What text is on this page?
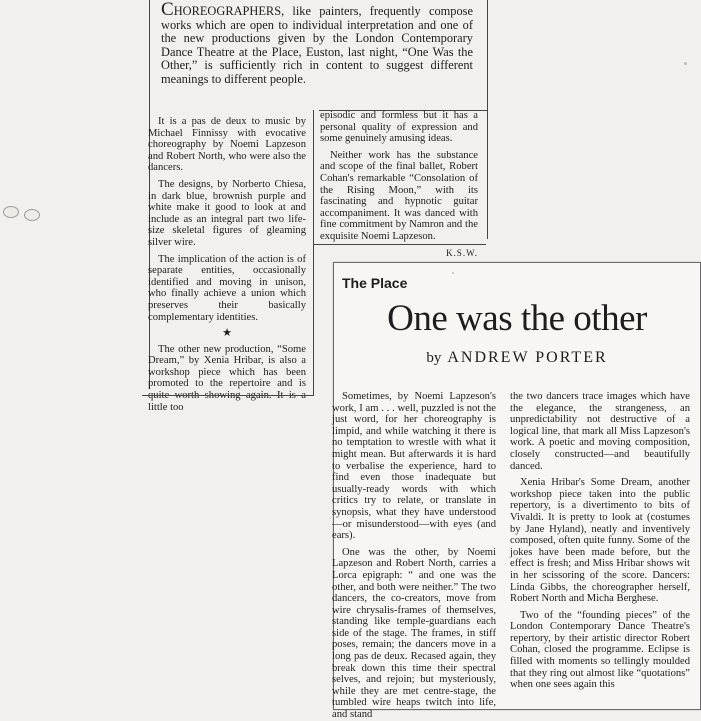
CHOREOGRAPHERS, like painters, frequently compose works which are open to individual interpretation and one of the new productions given by the London Contemporary Dance Theatre at the Place, Euston, last night, “One Was the Other,” is sufficiently rich in content to suggest different meanings to different people.

It is a pas de deux to music by Michael Finnissy with evocative choreography by Noemi Lapzeson and Robert North, who were also the dancers.

The designs, by Norberto Chiesa, in dark blue, brownish purple and white make it good to look at and include as an integral part two life-size skeletal figures of gleaming silver wire.

The implication of the action is of separate entities, occasionally identified and moving in unison, who finally achieve a union which preserves their basically complementary identities.

★

The other new production, “Some Dream,” by Xenia Hribar, is also a workshop piece which has been promoted to the repertoire and is little too

episodic and formless but it has a personal quality of expression and some genuinely amusing ideas.

Neither work has the substance and scope of the final ballet, Robert Cohan's remarkable “Consolation of the Rising Moon,” with its fascinating and hypnotic guitar accompaniment. It was danced with fine commitment by Namron and the exquisite Noemi Lapzeson.

K.S.W.
The Place
One was the other
by ANDREW PORTER

Sometimes, by Noemi Lapzeson's work, I am . . . well, puzzled is not the just word, for her choreography is limpid, and while watching it there is no temptation to wrestle with what it might mean. But afterwards it is hard to verbalise the experience, hard to find even those inadequate but usually-ready words with which critics try to relate, or translate in synopsis, what they have understood—or misunderstood—with eyes (and ears).

One was the other, by Noemi Lapzeson and Robert North, carries a Lorca epigraph: “ and one was the other, and both were neither.” The two dancers, the co-creators, move from wire chrysalis-frames of themselves, standing like temple-guardians each side of the stage. The frames, in stiff poses, remain; the dancers move in a long pas de deux. Recased again, they break down this time their spectral selves, and rejoin; but mysteriously, while they are met centre-stage, the tumbled wire heaps twitch into life, and stand

the two dancers trace images which have the elegance, the strangeness, an unpredictability not destructive of a logical line, that mark all Miss Lapzeson's work. A poetic and moving composition, closely constructed—and beautifully danced.

Xenia Hribar's Some Dream, another workshop piece taken into the public repertory, is a divertimento to bits of Vivaldi. It is pretty to look at (costumes by Jane Hyland), neatly and inventively composed, often quite funny. Some of the jokes have been made before, but the effect is fresh; and Miss Hribar shows wit in her scissoring of the score. Dancers: Linda Gibbs, the choreographer herself, Robert North and Micha Berghese.

Two of the “founding pieces” of the London Contemporary Dance Theatre's repertory, by their artistic director Robert Cohan, closed the programme. Eclipse is filled with moments so tellingly moulded that they ring out almost like “quotations” when one sees again this
